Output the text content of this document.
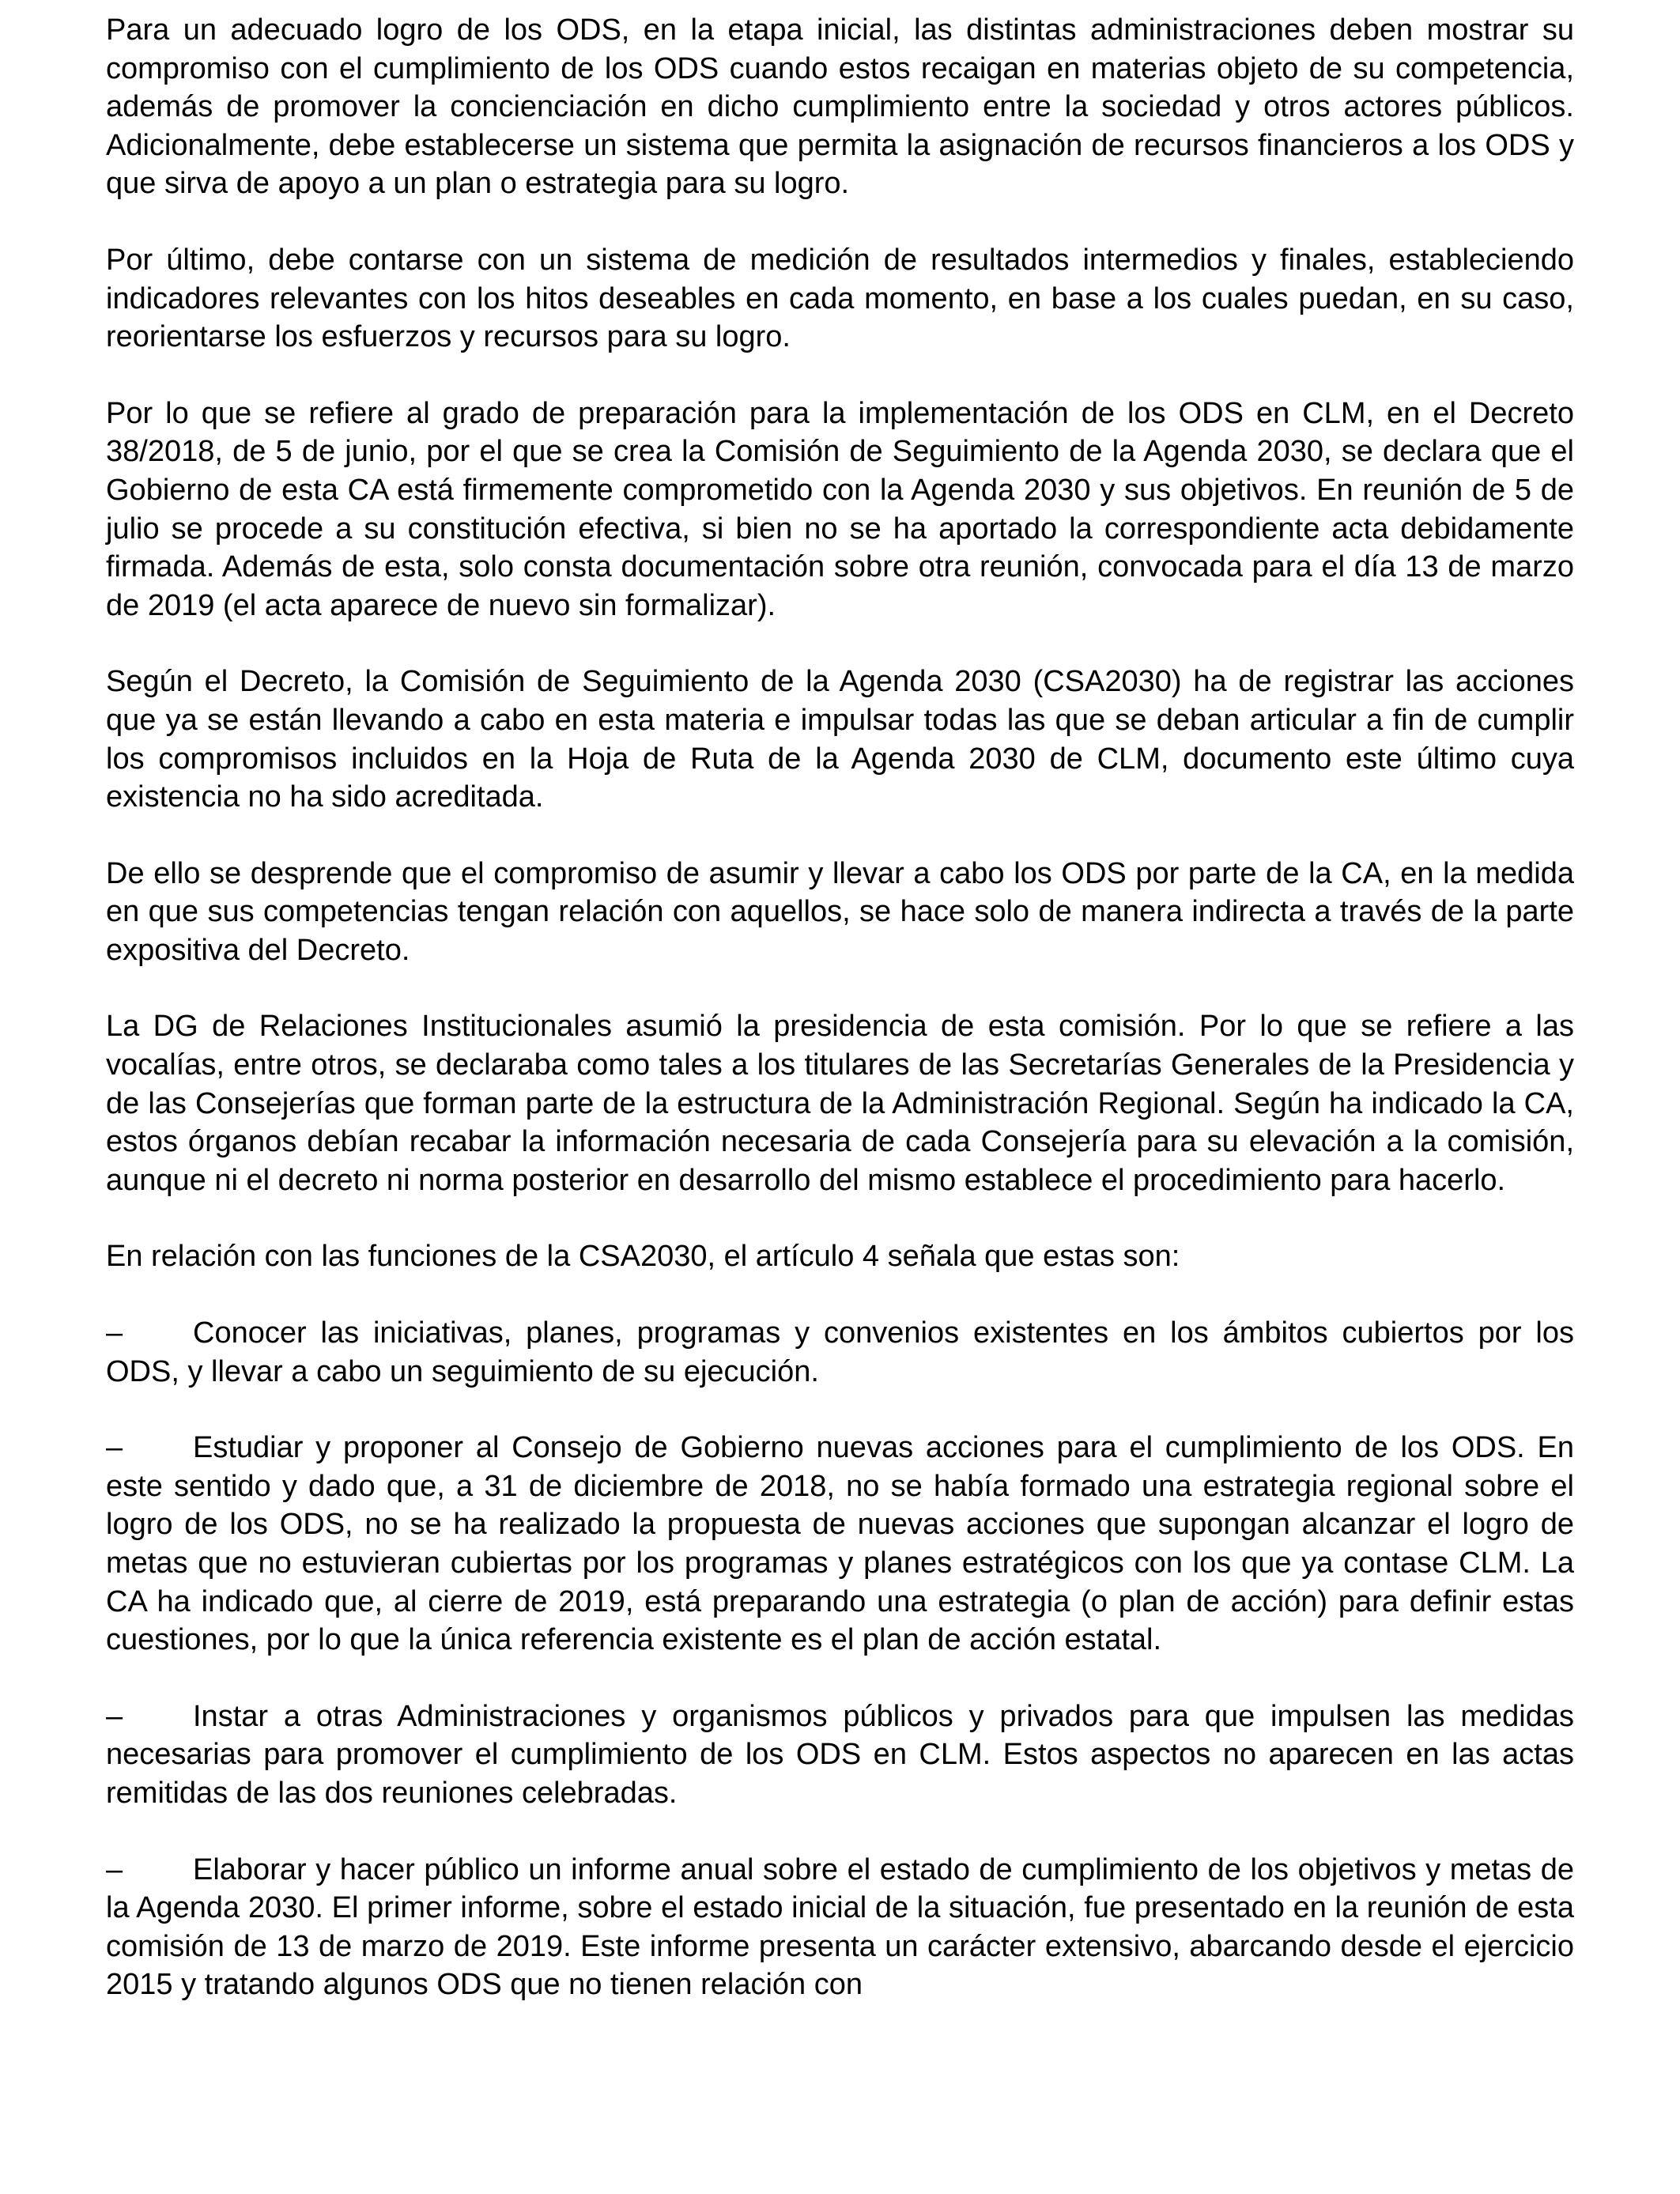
Para un adecuado logro de los ODS, en la etapa inicial, las distintas administraciones deben mostrar su compromiso con el cumplimiento de los ODS cuando estos recaigan en materias objeto de su competencia, además de promover la concienciación en dicho cumplimiento entre la sociedad y otros actores públicos. Adicionalmente, debe establecerse un sistema que permita la asignación de recursos financieros a los ODS y que sirva de apoyo a un plan o estrategia para su logro.

Por último, debe contarse con un sistema de medición de resultados intermedios y finales, estableciendo indicadores relevantes con los hitos deseables en cada momento, en base a los cuales puedan, en su caso, reorientarse los esfuerzos y recursos para su logro.

Por lo que se refiere al grado de preparación para la implementación de los ODS en CLM, en el Decreto 38/2018, de 5 de junio, por el que se crea la Comisión de Seguimiento de la Agenda 2030, se declara que el Gobierno de esta CA está firmemente comprometido con la Agenda 2030 y sus objetivos. En reunión de 5 de julio se procede a su constitución efectiva, si bien no se ha aportado la correspondiente acta debidamente firmada. Además de esta, solo consta documentación sobre otra reunión, convocada para el día 13 de marzo de 2019 (el acta aparece de nuevo sin formalizar).

Según el Decreto, la Comisión de Seguimiento de la Agenda 2030 (CSA2030) ha de registrar las acciones que ya se están llevando a cabo en esta materia e impulsar todas las que se deban articular a fin de cumplir los compromisos incluidos en la Hoja de Ruta de la Agenda 2030 de CLM, documento este último cuya existencia no ha sido acreditada.

De ello se desprende que el compromiso de asumir y llevar a cabo los ODS por parte de la CA, en la medida en que sus competencias tengan relación con aquellos, se hace solo de manera indirecta a través de la parte expositiva del Decreto.

La DG de Relaciones Institucionales asumió la presidencia de esta comisión. Por lo que se refiere a las vocalías, entre otros, se declaraba como tales a los titulares de las Secretarías Generales de la Presidencia y de las Consejerías que forman parte de la estructura de la Administración Regional. Según ha indicado la CA, estos órganos debían recabar la información necesaria de cada Consejería para su elevación a la comisión, aunque ni el decreto ni norma posterior en desarrollo del mismo establece el procedimiento para hacerlo.

En relación con las funciones de la CSA2030, el artículo 4 señala que estas son:

– Conocer las iniciativas, planes, programas y convenios existentes en los ámbitos cubiertos por los ODS, y llevar a cabo un seguimiento de su ejecución.
– Estudiar y proponer al Consejo de Gobierno nuevas acciones para el cumplimiento de los ODS. En este sentido y dado que, a 31 de diciembre de 2018, no se había formado una estrategia regional sobre el logro de los ODS, no se ha realizado la propuesta de nuevas acciones que supongan alcanzar el logro de metas que no estuvieran cubiertas por los programas y planes estratégicos con los que ya contase CLM. La CA ha indicado que, al cierre de 2019, está preparando una estrategia (o plan de acción) para definir estas cuestiones, por lo que la única referencia existente es el plan de acción estatal.
– Instar a otras Administraciones y organismos públicos y privados para que impulsen las medidas necesarias para promover el cumplimiento de los ODS en CLM. Estos aspectos no aparecen en las actas remitidas de las dos reuniones celebradas.
– Elaborar y hacer público un informe anual sobre el estado de cumplimiento de los objetivos y metas de la Agenda 2030. El primer informe, sobre el estado inicial de la situación, fue presentado en la reunión de esta comisión de 13 de marzo de 2019. Este informe presenta un carácter extensivo, abarcando desde el ejercicio 2015 y tratando algunos ODS que no tienen relación con
